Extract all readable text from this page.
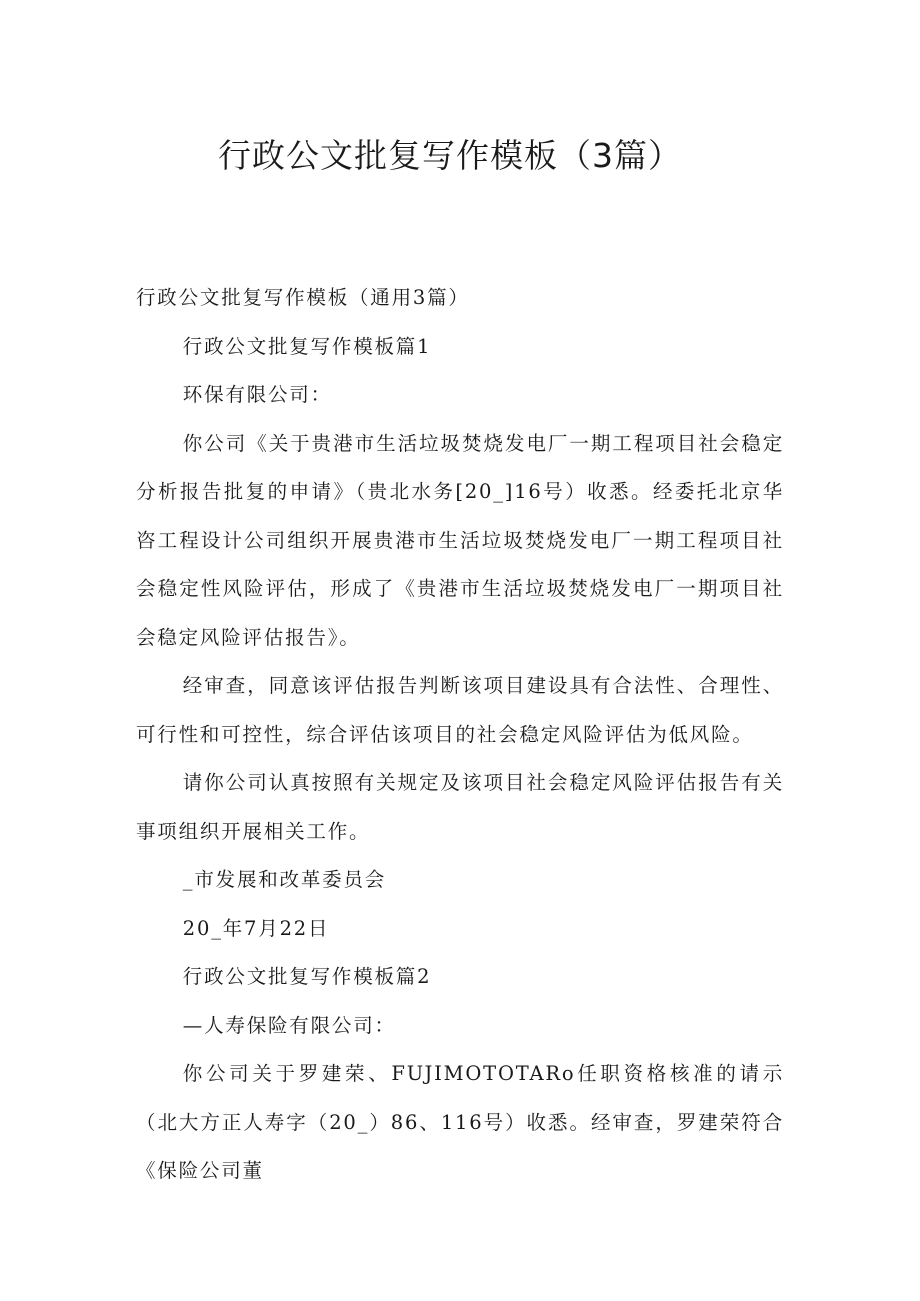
行政公文批复写作模板（3篇）

行政公文批复写作模板（通用3篇）

行政公文批复写作模板篇1

环保有限公司：

你公司《关于贵港市生活垃圾焚烧发电厂一期工程项目社会稳定分析报告批复的申请》（贵北水务[20_]16号）收悉。经委托北京华咨工程设计公司组织开展贵港市生活垃圾焚烧发电厂一期工程项目社会稳定性风险评估，形成了《贵港市生活垃圾焚烧发电厂一期项目社会稳定风险评估报告》。

经审查，同意该评估报告判断该项目建设具有合法性、合理性、可行性和可控性，综合评估该项目的社会稳定风险评估为低风险。

请你公司认真按照有关规定及该项目社会稳定风险评估报告有关事项组织开展相关工作。

_市发展和改革委员会

20_年7月22日

行政公文批复写作模板篇2

—人寿保险有限公司：

你公司关于罗建荣、FUJIMOTOTARo任职资格核准的请示（北大方正人寿字（20_）86、116号）收悉。经审查，罗建荣符合《保险公司董
